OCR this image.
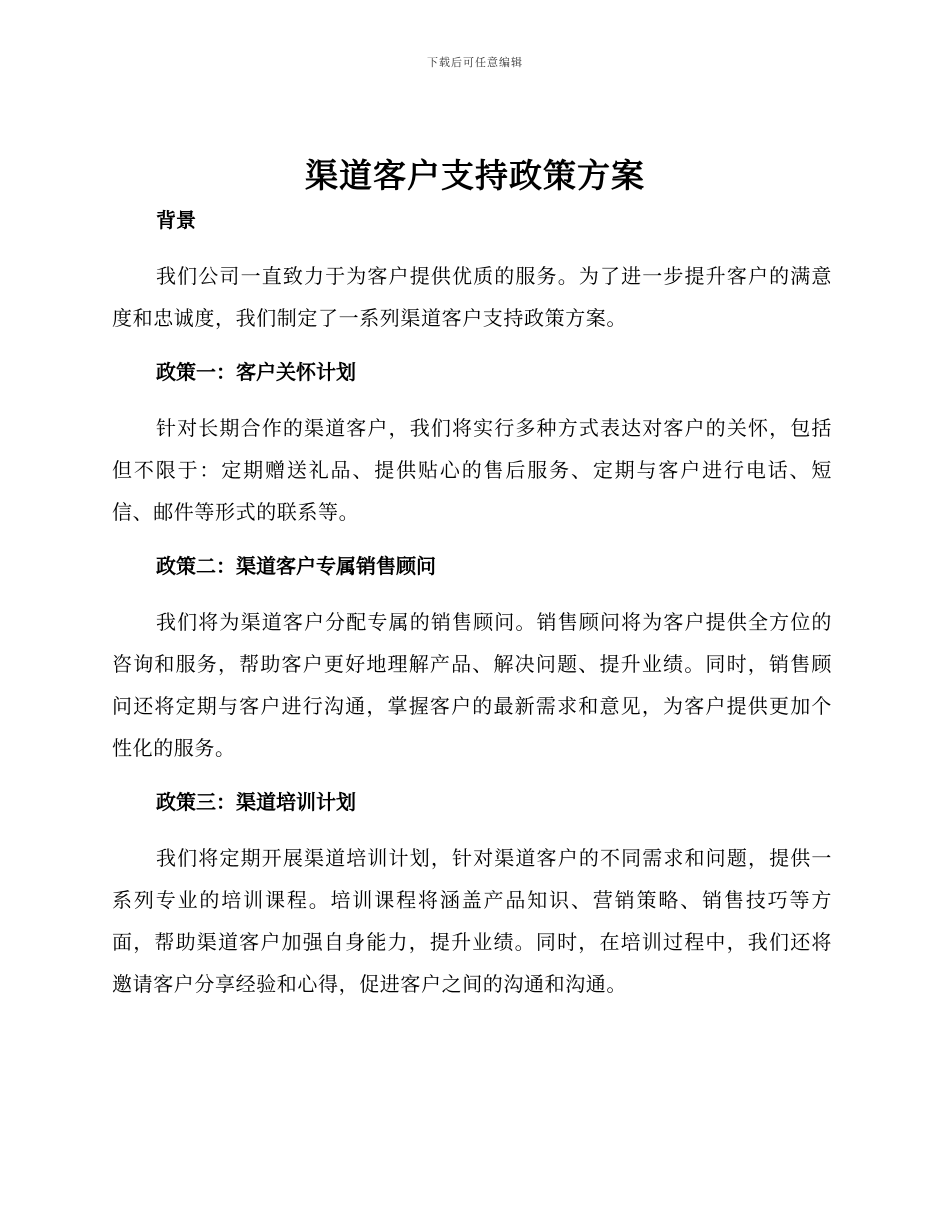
下载后可任意编辑
渠道客户支持政策方案
背景

我们公司一直致力于为客户提供优质的服务。为了进一步提升客户的满意度和忠诚度，我们制定了一系列渠道客户支持政策方案。

政策一：客户关怀计划

针对长期合作的渠道客户，我们将实行多种方式表达对客户的关怀，包括但不限于：定期赠送礼品、提供贴心的售后服务、定期与客户进行电话、短信、邮件等形式的联系等。

政策二：渠道客户专属销售顾问

我们将为渠道客户分配专属的销售顾问。销售顾问将为客户提供全方位的咨询和服务，帮助客户更好地理解产品、解决问题、提升业绩。同时，销售顾问还将定期与客户进行沟通，掌握客户的最新需求和意见，为客户提供更加个性化的服务。

政策三：渠道培训计划

我们将定期开展渠道培训计划，针对渠道客户的不同需求和问题，提供一系列专业的培训课程。培训课程将涵盖产品知识、营销策略、销售技巧等方面，帮助渠道客户加强自身能力，提升业绩。同时，在培训过程中，我们还将邀请客户分享经验和心得，促进客户之间的沟通和沟通。
